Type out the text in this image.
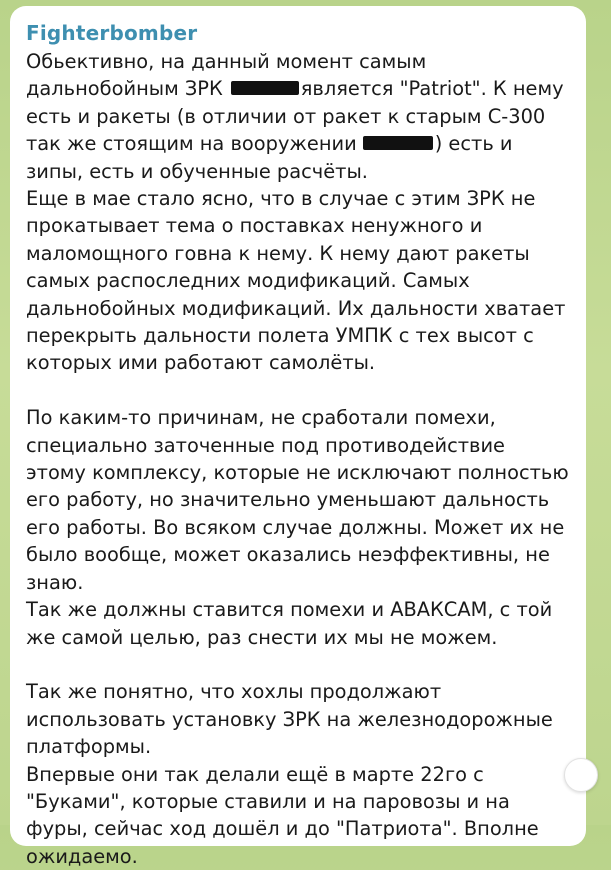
Fighterbomber

Обьективно, на данный момент самым дальнобойным ЗРК	является "Patriot". К нему есть и ракеты (в отличии от ракет к старым С-300 так же стоящим на вооружении	) есть и зипы, есть и обученные расчёты.

Еще в мае стало ясно, что в случае с этим ЗРК не прокатывает тема о поставках ненужного и маломощного говна к нему. К нему дают ракеты самых распоследних модификаций. Самых дальнобойных модификаций. Их дальности хватает перекрыть дальности полета УМПК с тех высот с которых ими работают самолёты.

По каким-то причинам, не сработали помехи, специально заточенные под противодействие этому комплексу, которые не исключают полностью его работу, но значительно уменьшают дальность его работы. Во всяком случае должны. Может их не было вообще, может оказались неэффективны, не знаю.

Так же должны ставится помехи и АВАКСАМ, с той же самой целью, раз снести их мы не можем.

Так же понятно, что хохлы продолжают использовать установку ЗРК на железнодорожные платформы.

Впервые они так делали ещё в марте 22го с "Буками", которые ставили и на паровозы и на фуры, сейчас ход дошёл и до "Патриота". Вполне ожидаемо.
